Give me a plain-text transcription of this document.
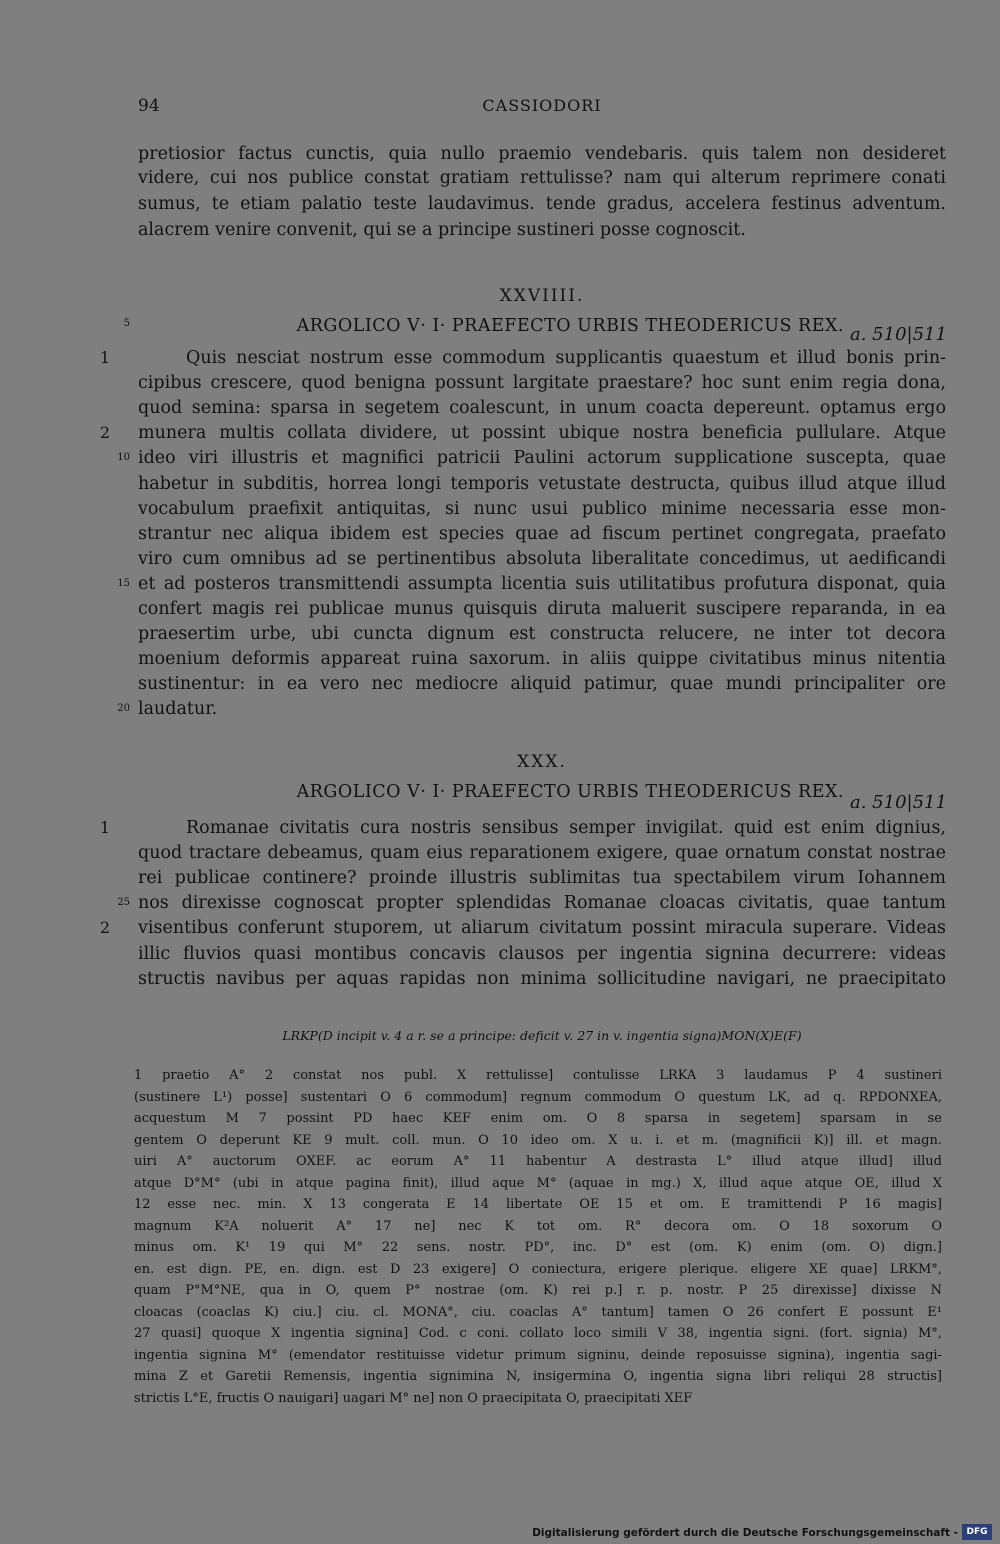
94	CASSIODORI
pretiosior factus cunctis, quia nullo praemio vendebaris. quis talem non desideret
videre, cui nos publice constat gratiam rettulisse? nam qui alterum reprimere conati
sumus, te etiam palatio teste laudavimus. tende gradus, accelera festinus adventum.
alacrem venire convenit, qui se a principe sustineri posse cognoscit.
XXVIIII.
5	ARGOLICO V· I· PRAEFECTO URBIS THEODERICUS REX. a. 510|511
Quis nesciat nostrum esse commodum supplicantis quaestum et illud bonis prin-
1
cipibus crescere, quod benigna possunt largitate praestare? hoc sunt enim regia dona,
quod semina: sparsa in segetem coalescunt, in unum coacta depereunt. optamus ergo
munera multis collata dividere, ut possint ubique nostra beneficia pullulare. Atque
2
ideo viri illustris et magnifici patricii Paulini actorum supplicatione suscepta, quae
10
habetur in subditis, horrea longi temporis vetustate destructa, quibus illud atque illud
vocabulum praefixit antiquitas, si nunc usui publico minime necessaria esse mon-
strantur nec aliqua ibidem est species quae ad fiscum pertinet congregata, praefato
viro cum omnibus ad se pertinentibus absoluta liberalitate concedimus, ut aedificandi
et ad posteros transmittendi assumpta licentia suis utilitatibus profutura disponat, quia
15
confert magis rei publicae munus quisquis diruta maluerit suscipere reparanda, in ea
praesertim urbe, ubi cuncta dignum est constructa relucere, ne inter tot decora
moenium deformis appareat ruina saxorum. in aliis quippe civitatibus minus nitentia
sustinentur: in ea vero nec mediocre aliquid patimur, quae mundi principaliter ore
laudatur.
20
XXX.
ARGOLICO V· I· PRAEFECTO URBIS THEODERICUS REX. a. 510|511
Romanae civitatis cura nostris sensibus semper invigilat. quid est enim dignius,
1
quod tractare debeamus, quam eius reparationem exigere, quae ornatum constat nostrae
rei publicae continere? proinde illustris sublimitas tua spectabilem virum Iohannem
nos direxisse cognoscat propter splendidas Romanae cloacas civitatis, quae tantum
25
visentibus conferunt stuporem, ut aliarum civitatum possint miracula superare. Videas
2
illic fluvios quasi montibus concavis clausos per ingentia signina decurrere: videas
structis navibus per aquas rapidas non minima sollicitudine navigari, ne praecipitato
LRKP(D incipit v. 4 a r. se a principe: deficit v. 27 in v. ingentia signa)MON(X)E(F)
1 praetio A° 2 constat nos publ. X rettulisse] contulisse LRKA 3 laudamus P 4 sustineri
(sustinere L¹) posse] sustentari O 6 commodum] regnum commodum O questum LK, ad q. RPDONXEA,
acquestum M 7 possint PD haec KEF enim om. O 8 sparsa in segetem] sparsam in se
gentem O deperunt KE 9 mult. coll. mun. O 10 ideo om. X u. i. et m. (magnificii K)] ill. et magn.
uiri A° auctorum OXEF. ac eorum A° 11 habentur A destrasta L° illud atque illud] illud
atque D°M° (ubi in atque pagina finit), illud aque M° (aquae in mg.) X, illud aque atque OE, illud X
12 esse nec. min. X 13 congerata E 14 libertate OE 15 et om. E tramittendi P 16 magis]
magnum K²A noluerit A° 17 ne] nec K tot om. R° decora om. O 18 soxorum O
minus om. K¹ 19 qui M° 22 sens. nostr. PD°, inc. D° est (om. K) enim (om. O) dign.]
en. est dign. PE, en. dign. est D 23 exigere] O coniectura, erigere plerique. eligere XE quae] LRKM°,
quam P°M°NE, qua in O, quem P° nostrae (om. K) rei p.] r. p. nostr. P 25 direxisse] dixisse N
cloacas (coaclas K) ciu.] ciu. cl. MONA°, ciu. coaclas A° tantum] tamen O 26 confert E possunt E¹
27 quasi] quoque X ingentia signina] Cod. c coni. collato loco simili V 38, ingentia signi. (fort. signia) M°,
ingentia signina M° (emendator restituisse videtur primum signinu, deinde reposuisse signina), ingentia sagi-
mina Z et Garetii Remensis, ingentia signimina N, insigermina O, ingentia signa libri reliqui 28 structis]
strictis L°E, fructis O nauigari] uagari M° ne] non O praecipitata O, praecipitati XEF
Digitalisierung gefördert durch die Deutsche Forschungsgemeinschaft - DFG
